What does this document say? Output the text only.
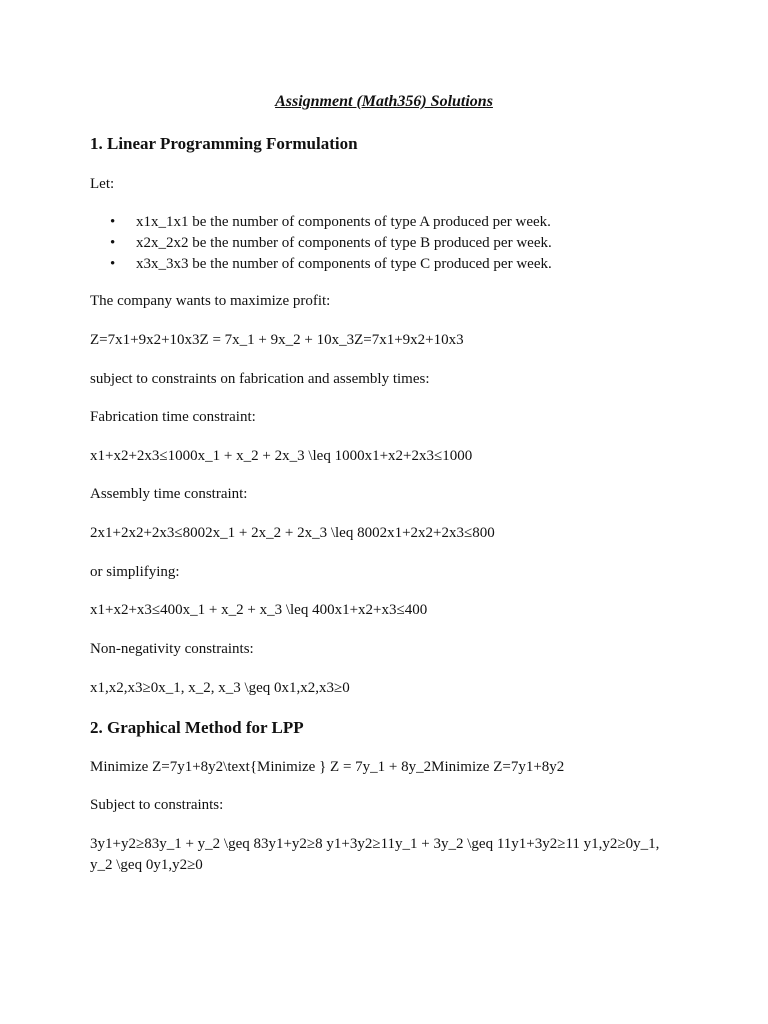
Assignment (Math356) Solutions
1. Linear Programming Formulation

Let:

• x1x_1x1 be the number of components of type A produced per week.
• x2x_2x2 be the number of components of type B produced per week.
• x3x_3x3 be the number of components of type C produced per week.

The company wants to maximize profit:

Z=7x1+9x2+10x3Z = 7x_1 + 9x_2 + 10x_3Z=7x1+9x2+10x3

subject to constraints on fabrication and assembly times:

Fabrication time constraint:

x1+x2+2x3≤1000x_1 + x_2 + 2x_3 \leq 1000x1+x2+2x3≤1000

Assembly time constraint:

2x1+2x2+2x3≤8002x_1 + 2x_2 + 2x_3 \leq 8002x1+2x2+2x3≤800

or simplifying:

x1+x2+x3≤400x_1 + x_2 + x_3 \leq 400x1+x2+x3≤400

Non-negativity constraints:

x1,x2,x3≥0x_1, x_2, x_3 \geq 0x1,x2,x3≥0

2. Graphical Method for LPP

Minimize Z=7y1+8y2\text{Minimize } Z = 7y_1 + 8y_2Minimize Z=7y1+8y2

Subject to constraints:

3y1+y2≥83y_1 + y_2 \geq 83y1+y2≥8 y1+3y2≥11y_1 + 3y_2 \geq 11y1+3y2≥11 y1,y2≥0y_1, y_2 \geq 0y1,y2≥0
